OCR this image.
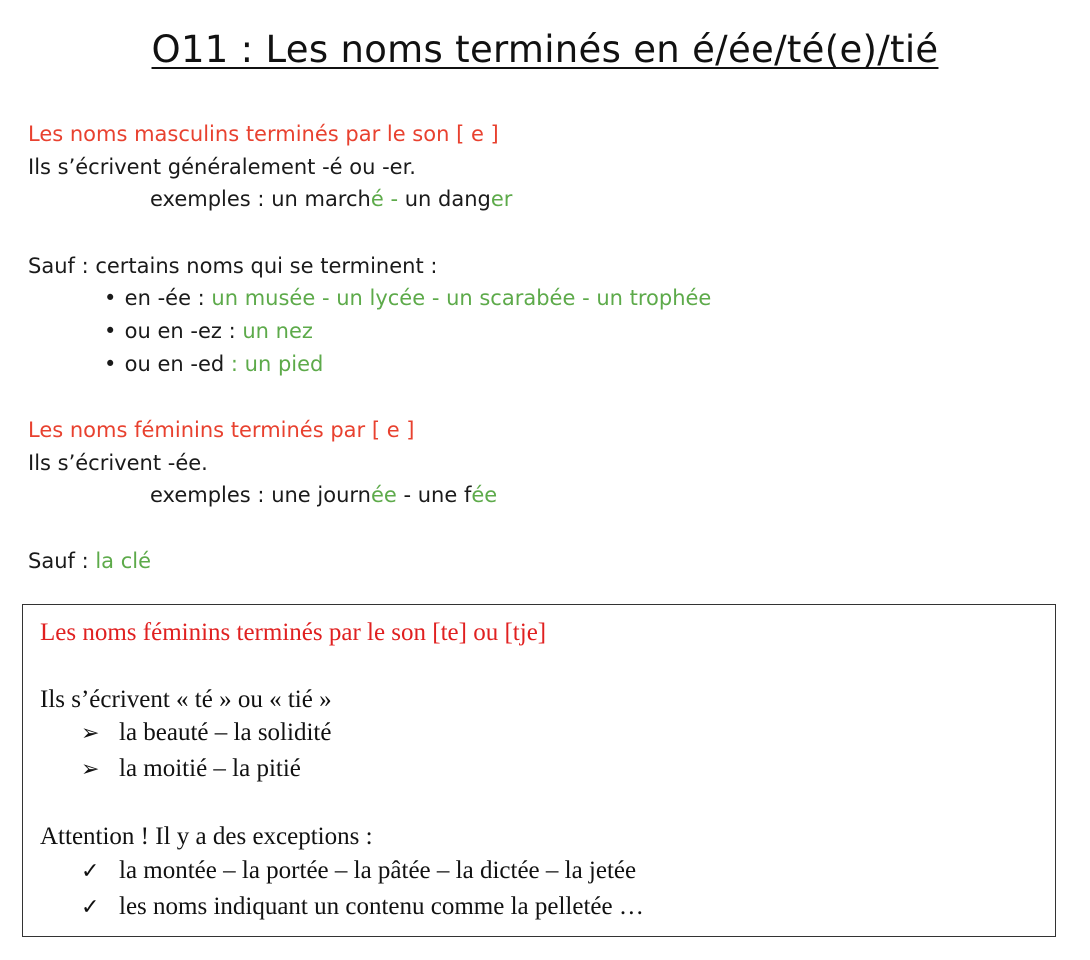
O11 : Les noms terminés en é/ée/té(e)/tié
Les noms masculins terminés par le son [ e ]
Ils s’écrivent généralement -é ou -er.
exemples : un marché - un danger
Sauf : certains noms qui se terminent :
• en -ée : un musée - un lycée - un scarabée - un trophée
• ou en -ez : un nez
• ou en -ed : un pied
Les noms féminins terminés par [ e ]
Ils s’écrivent -ée.
exemples : une journée - une fée
Sauf : la clé
Les noms féminins terminés par le son [te] ou [tje]
Ils s’écrivent « té » ou « tié »
➢ la beauté – la solidité
➢ la moitié – la pitié
Attention ! Il y a des exceptions :
✓ la montée – la portée – la pâtée – la dictée – la jetée
✓ les noms indiquant un contenu comme la pelletée …
